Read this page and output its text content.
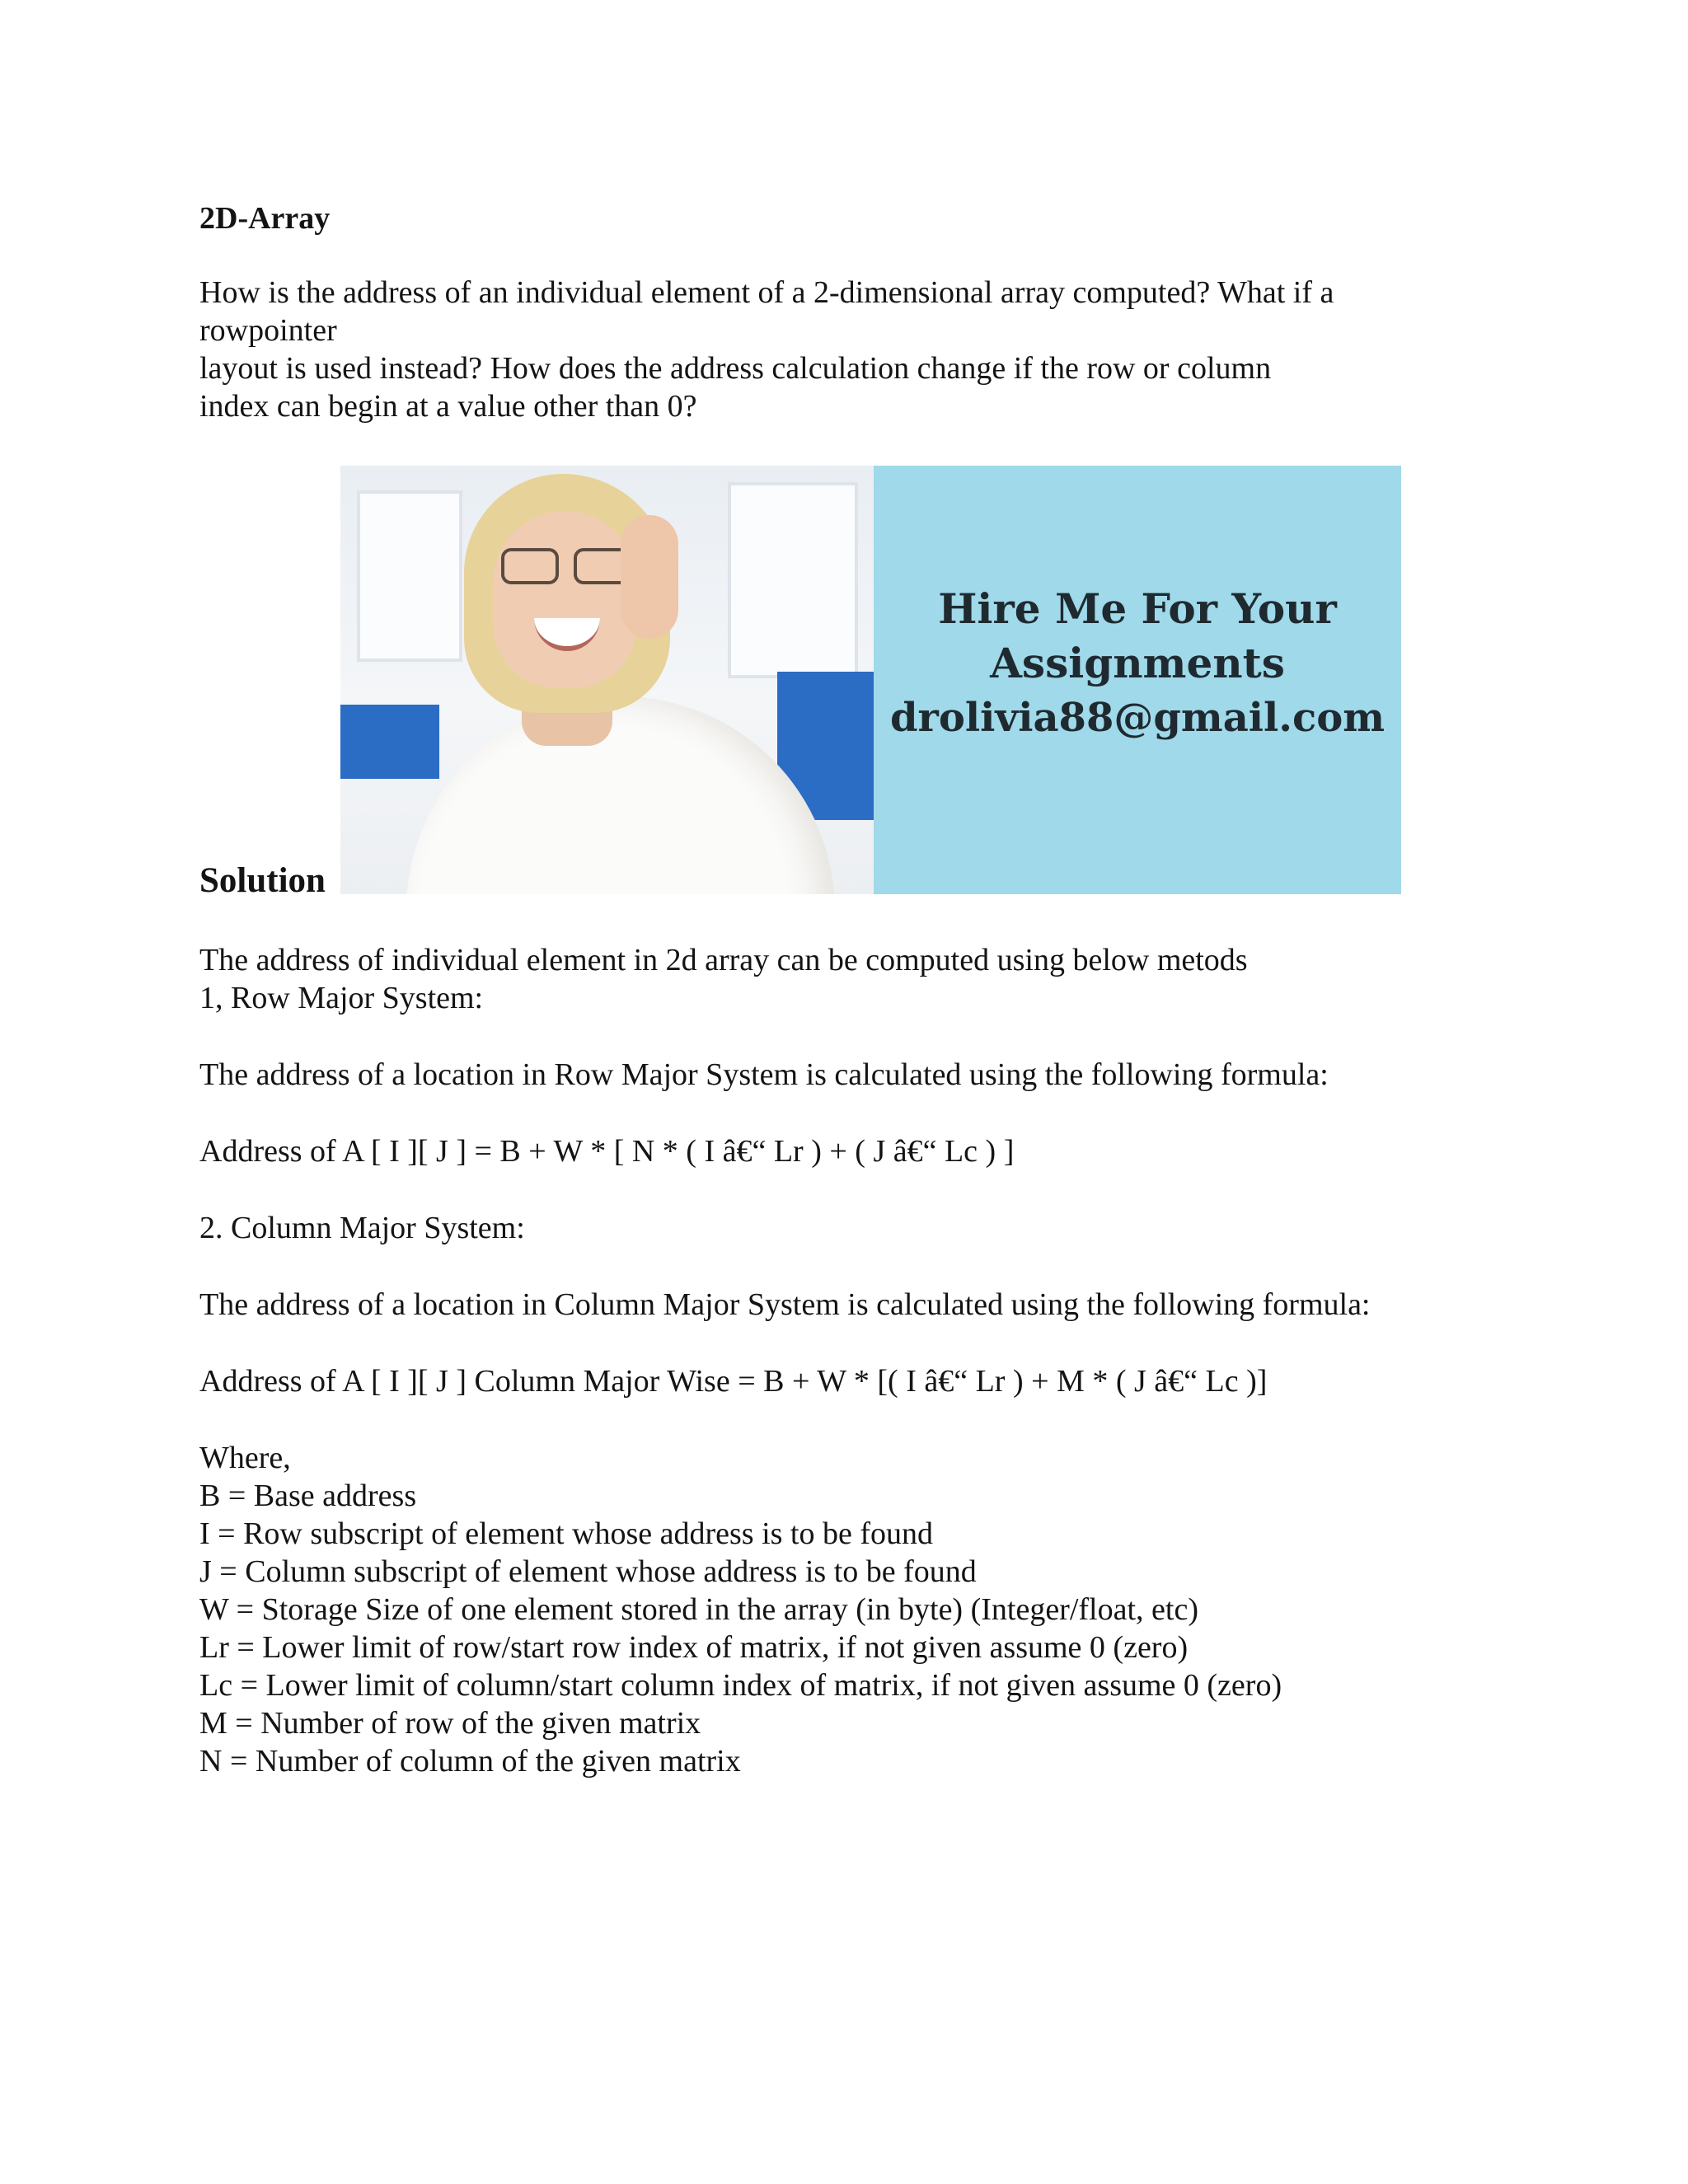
2D-Array
How is the address of an individual element of a 2-dimensional array computed? What if a
rowpointer
layout is used instead? How does the address calculation change if the row or column
index can begin at a value other than 0?
Hire Me For Your
Assignments
drolivia88@gmail.com
Solution
The address of individual element in 2d array can be computed using below metods
1, Row Major System:
The address of a location in Row Major System is calculated using the following formula:
Address of A [ I ][ J ] = B + W * [ N * ( I â€“ Lr ) + ( J â€“ Lc ) ]
2. Column Major System:
The address of a location in Column Major System is calculated using the following formula:
Address of A [ I ][ J ] Column Major Wise = B + W * [( I â€“ Lr ) + M * ( J â€“ Lc )]
Where,
B = Base address
I = Row subscript of element whose address is to be found
J = Column subscript of element whose address is to be found
W = Storage Size of one element stored in the array (in byte) (Integer/float, etc)
Lr = Lower limit of row/start row index of matrix, if not given assume 0 (zero)
Lc = Lower limit of column/start column index of matrix, if not given assume 0 (zero)
M = Number of row of the given matrix
N = Number of column of the given matrix
